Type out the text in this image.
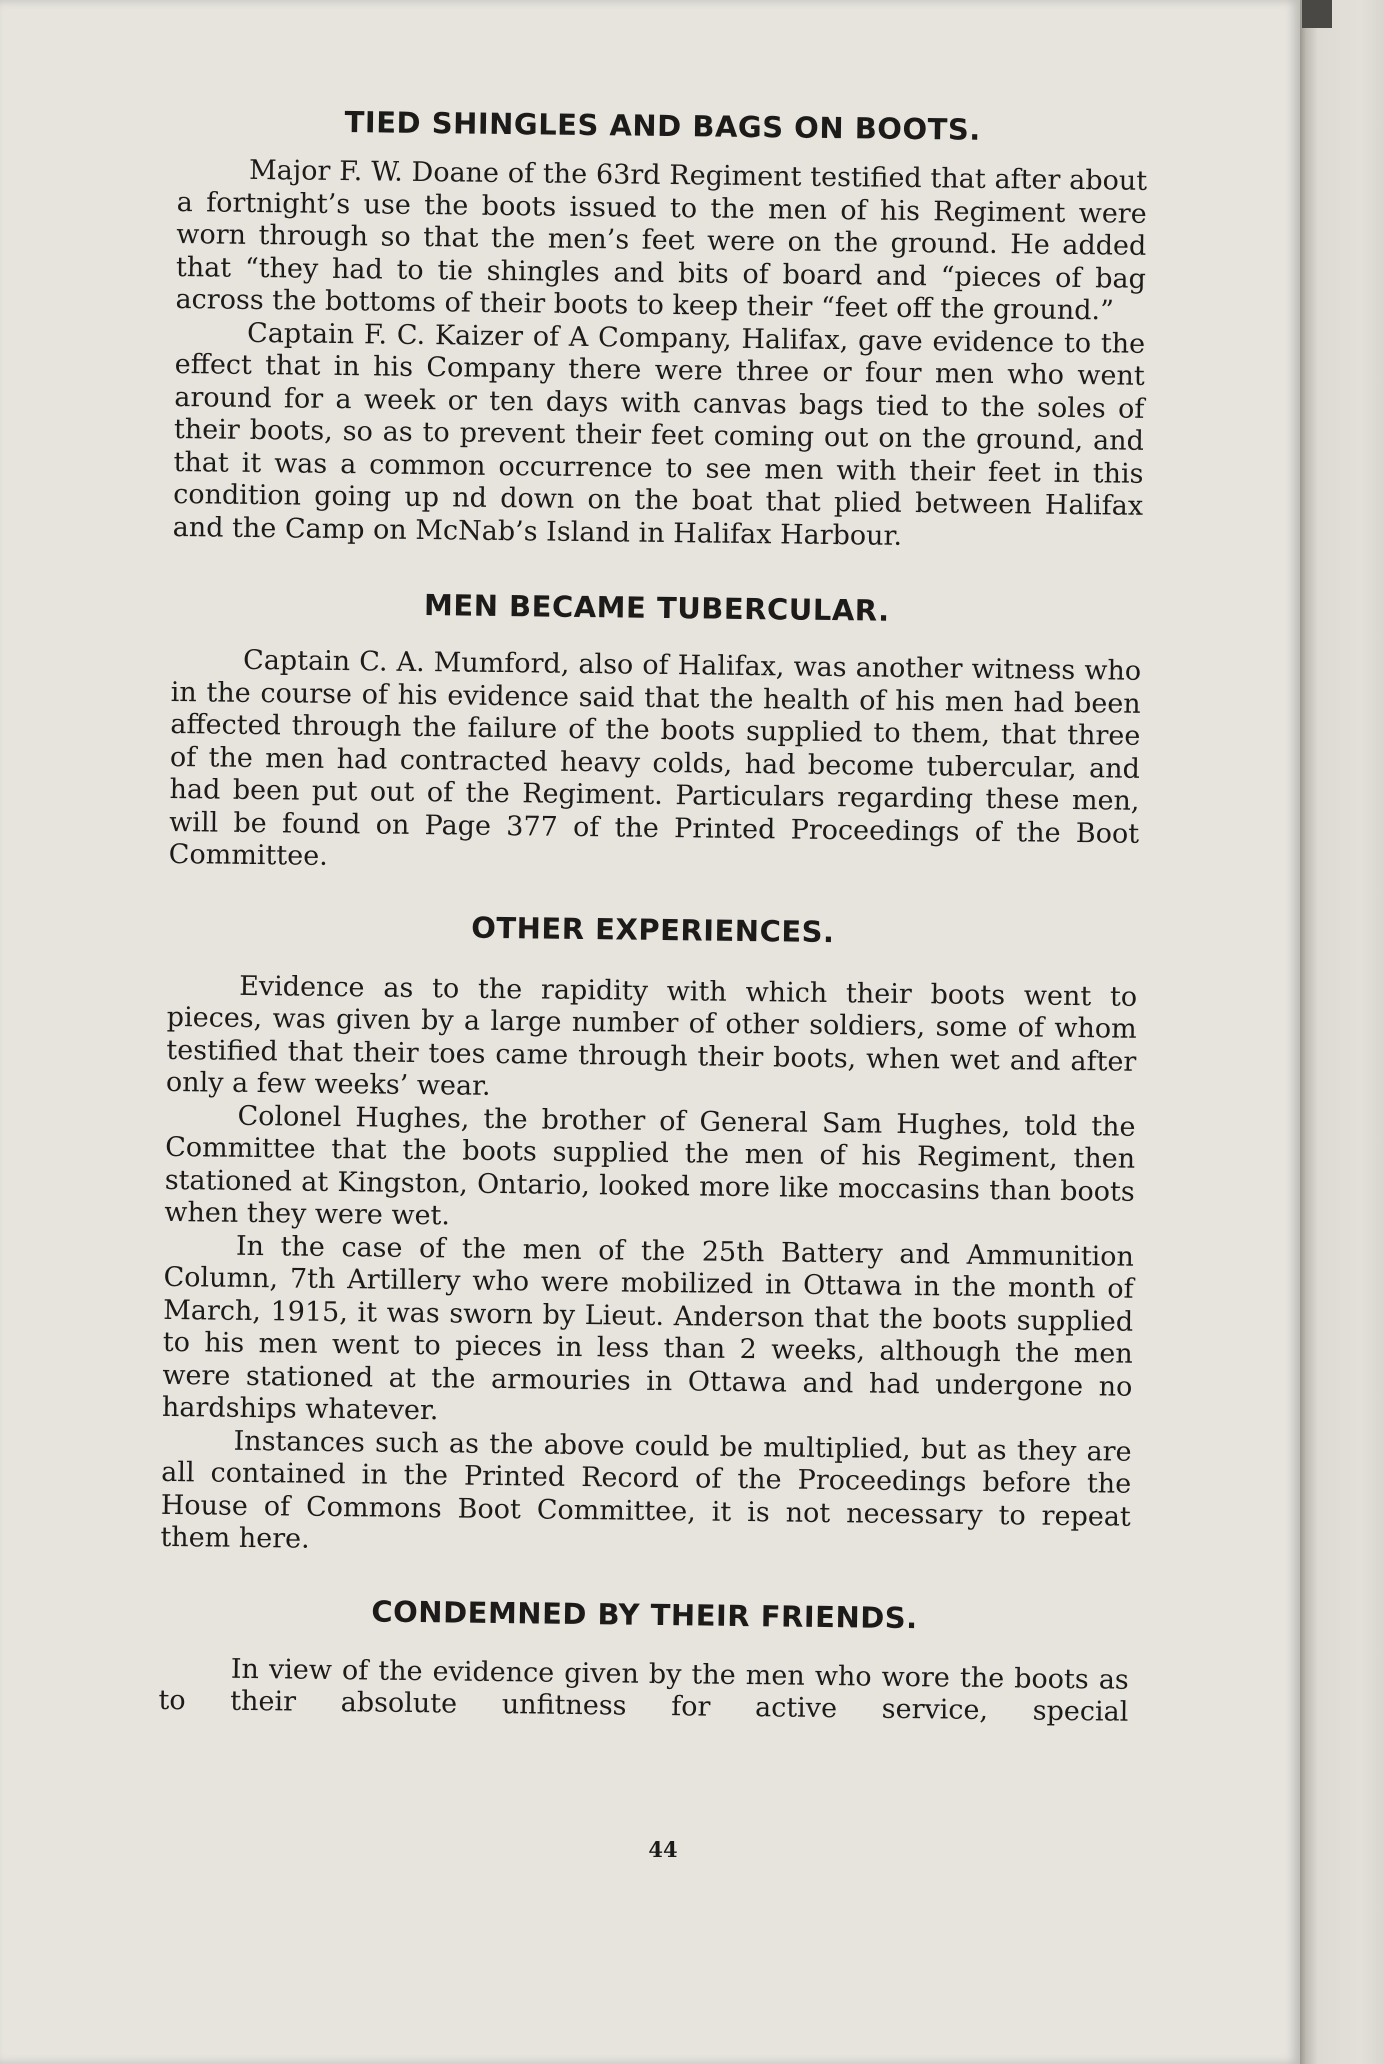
TIED SHINGLES AND BAGS ON BOOTS.

Major F. W. Doane of the 63rd Regiment testified that after about a fortnight’s use the boots issued to the men of his Regiment were worn through so that the men’s feet were on the ground. He added that “they had to tie shingles and bits of board and “pieces of bag across the bottoms of their boots to keep their “feet off the ground.”

Captain F. C. Kaizer of A Company, Halifax, gave evidence to the effect that in his Company there were three or four men who went around for a week or ten days with canvas bags tied to the soles of their boots, so as to prevent their feet coming out on the ground, and that it was a common occurrence to see men with their feet in this condition going up nd down on the boat that plied between Halifax and the Camp on McNab’s Island in Halifax Harbour.

MEN BECAME TUBERCULAR.

Captain C. A. Mumford, also of Halifax, was another witness who in the course of his evidence said that the health of his men had been affected through the failure of the boots supplied to them, that three of the men had contracted heavy colds, had become tubercular, and had been put out of the Regiment. Particulars regarding these men, will be found on Page 377 of the Printed Proceedings of the Boot Committee.

OTHER EXPERIENCES.

Evidence as to the rapidity with which their boots went to pieces, was given by a large number of other soldiers, some of whom testified that their toes came through their boots, when wet and after only a few weeks’ wear.

Colonel Hughes, the brother of General Sam Hughes, told the Committee that the boots supplied the men of his Regiment, then stationed at Kingston, Ontario, looked more like moccasins than boots when they were wet.

In the case of the men of the 25th Battery and Ammunition Column, 7th Artillery who were mobilized in Ottawa in the month of March, 1915, it was sworn by Lieut. Anderson that the boots supplied to his men went to pieces in less than 2 weeks, although the men were stationed at the armouries in Ottawa and had undergone no hardships whatever.

Instances such as the above could be multiplied, but as they are all contained in the Printed Record of the Proceedings before the House of Commons Boot Committee, it is not necessary to repeat them here.

CONDEMNED BY THEIR FRIENDS.

In view of the evidence given by the men who wore the boots as to their absolute unfitness for active service, special

44
